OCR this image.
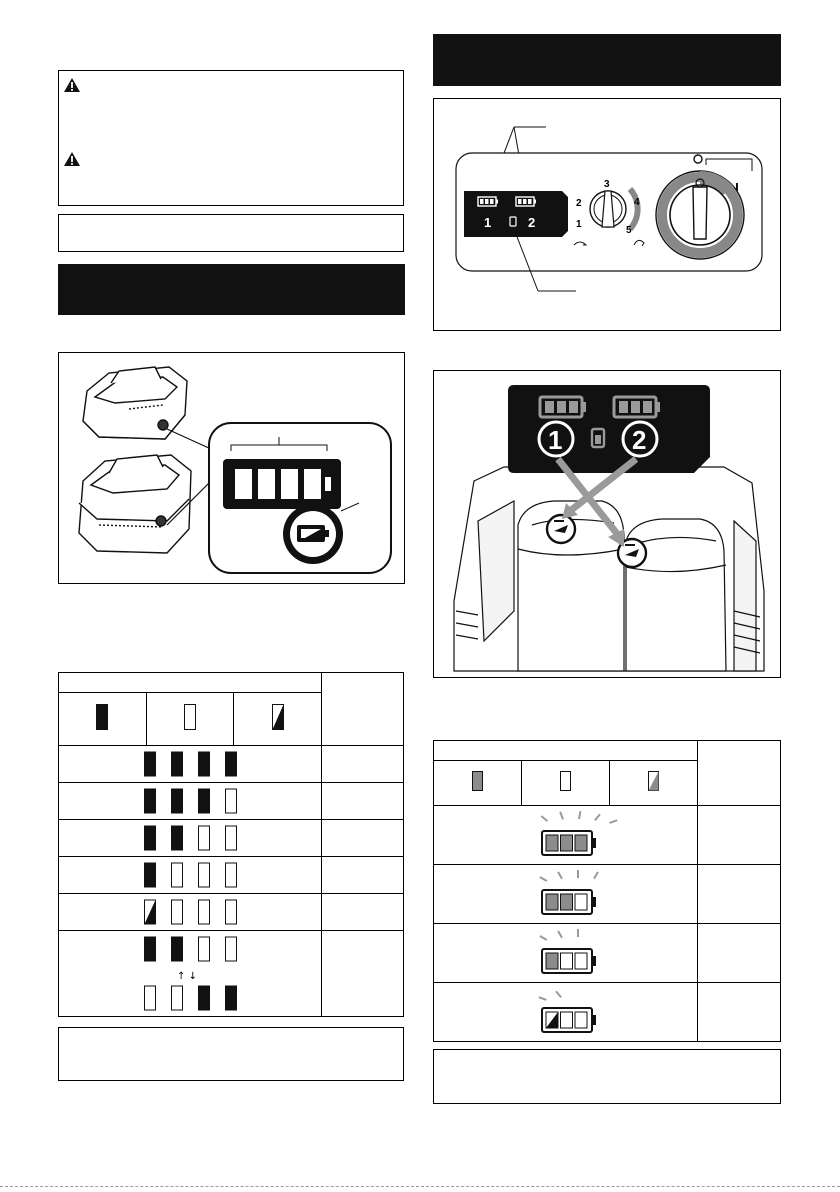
↑ ↓			

1	2	1
2
3
4
5
1	2
